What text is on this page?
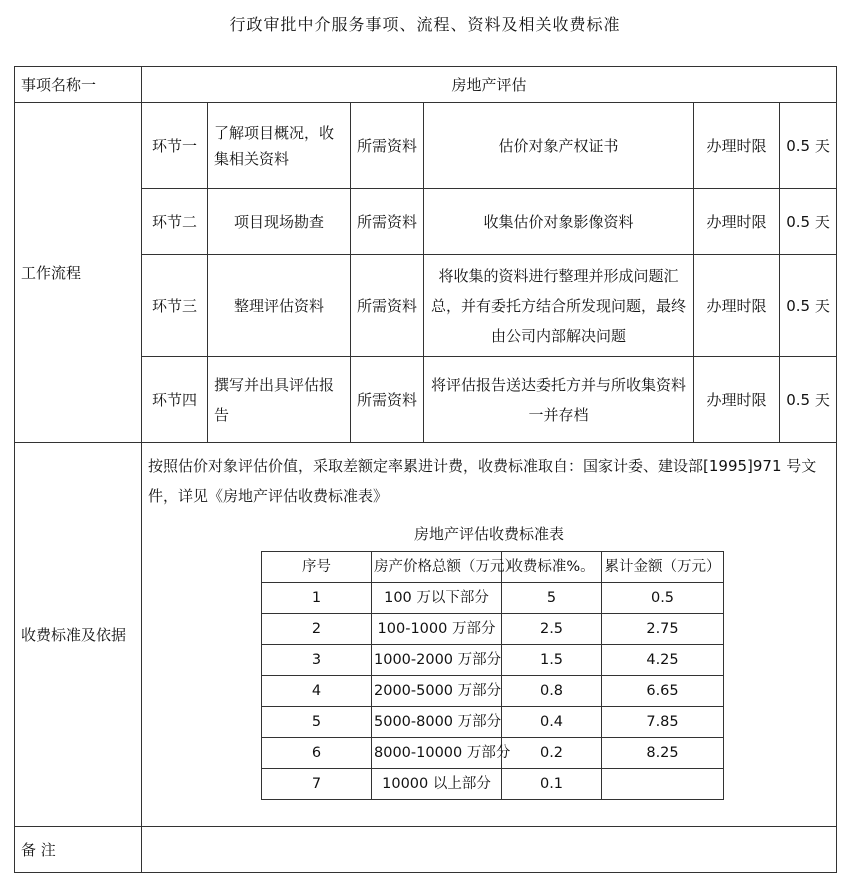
行政审批中介服务事项、流程、资料及相关收费标准
事项名称一	房地产评估
工作流程	环节一	了解项目概况，收集相关资料	所需资料	估价对象产权证书	办理时限	0.5 天
环节二	项目现场勘查	所需资料	收集估价对象影像资料	办理时限	0.5 天
环节三	整理评估资料	所需资料	将收集的资料进行整理并形成问题汇总，并有委托方结合所发现问题，最终由公司内部解决问题	办理时限	0.5 天
环节四	撰写并出具评估报告	所需资料	将评估报告送达委托方并与所收集资料一并存档	办理时限	0.5 天
收费标准及依据	
按照估价对象评估价值，采取差额定率累进计费，收费标准取自：国家计委、建设部[1995]971 号文件，详见《房地产评估收费标准表》
房地产评估收费标准表
序号	房产价格总额（万元）	收费标准%。	累计金额（万元）
1	100 万以下部分	5	0.5
2	100-1000 万部分	2.5	2.75
3	1000-2000 万部分	1.5	4.25
4	2000-5000 万部分	0.8	6.65
5	5000-8000 万部分	0.4	7.85
6	8000-10000 万部分	0.2	8.25
7	10000 以上部分	0.1	

备 注	
